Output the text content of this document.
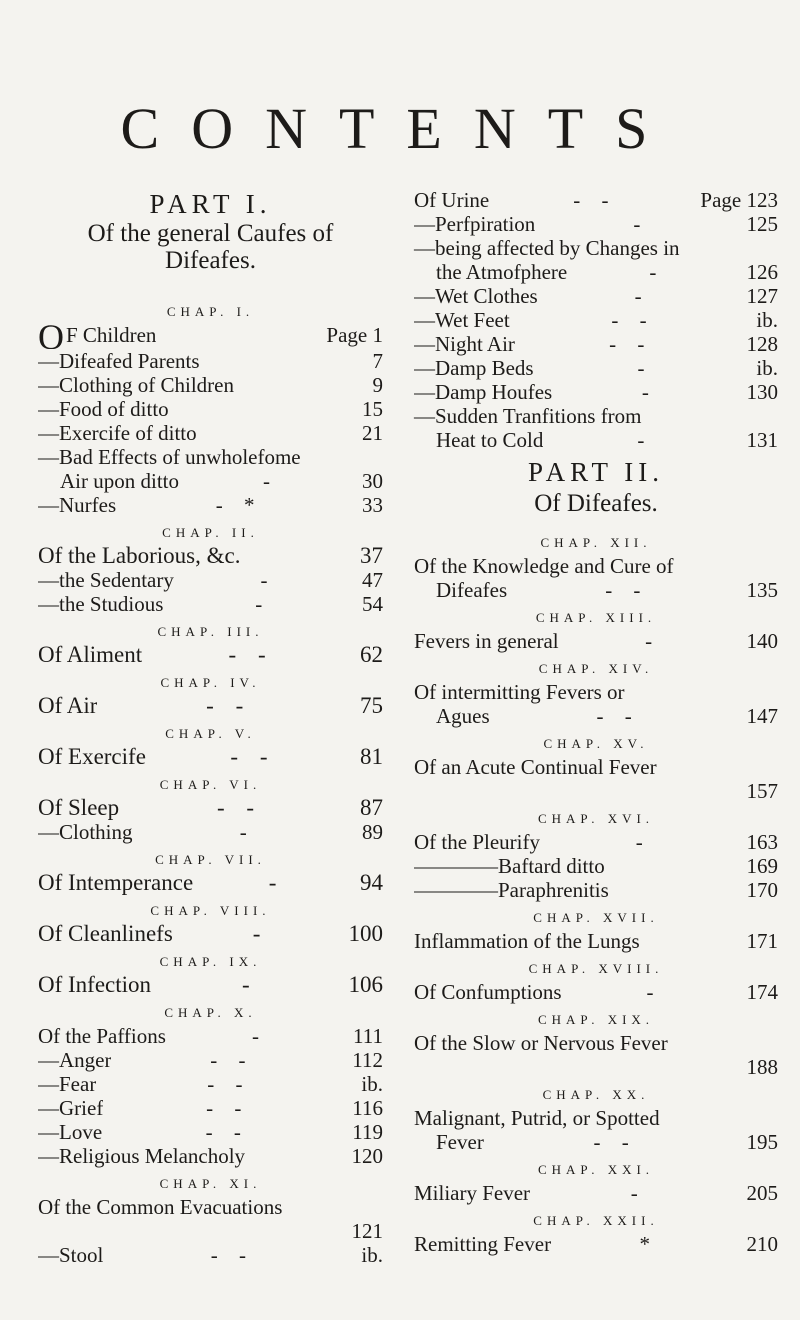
CONTENTS
PART I.
Of the general Caufes of
Difeafes.
CHAP. I.
O F Children	Page 1
—Difeafed Parents	7
—Clothing of Children	9
—Food of ditto	15
—Exercife of ditto	21
—Bad Effects of unwholefome
Air upon ditto	-	30
—Nurfes	- *	33
CHAP. II.
Of the Laborious, &c.	37
—the Sedentary	-	47
—the Studious	-	54
CHAP. III.
Of Aliment	- -	62
CHAP. IV.
Of Air	- -	75
CHAP. V.
Of Exercife	- -	81
CHAP. VI.
Of Sleep	- -	87
—Clothing	-	89
CHAP. VII.
Of Intemperance	-	94
CHAP. VIII.
Of Cleanlinefs	-	100
CHAP. IX.
Of Infection	-	106
CHAP. X.
Of the Paffions	-	111
—Anger	- -	112
—Fear	- -	ib.
—Grief	- -	116
—Love	- -	119
—Religious Melancholy	120
CHAP. XI.
Of the Common Evacuations
121
—Stool	- -	ib.
Of Urine	- -	Page 123
—Perfpiration	-	125
—being affected by Changes in
the Atmofphere	-	126
—Wet Clothes	-	127
—Wet Feet	- -	ib.
—Night Air	- -	128
—Damp Beds	-	ib.
—Damp Houfes	-	130
—Sudden Tranfitions from
Heat to Cold	-	131
PART II.
Of Difeafes.
CHAP. XII.
Of the Knowledge and Cure of
Difeafes	- -	135
CHAP. XIII.
Fevers in general	-	140
CHAP. XIV.
Of intermitting Fevers or
Agues	- -	147
CHAP. XV.
Of an Acute Continual Fever
157
CHAP. XVI.
Of the Pleurify	-	163
————Baftard ditto	169
————Paraphrenitis	170
CHAP. XVII.
Inflammation of the Lungs	171
CHAP. XVIII.
Of Confumptions	-	174
CHAP. XIX.
Of the Slow or Nervous Fever
188
CHAP. XX.
Malignant, Putrid, or Spotted
Fever	- -	195
CHAP. XXI.
Miliary Fever	-	205
CHAP. XXII.
Remitting Fever	*	210
